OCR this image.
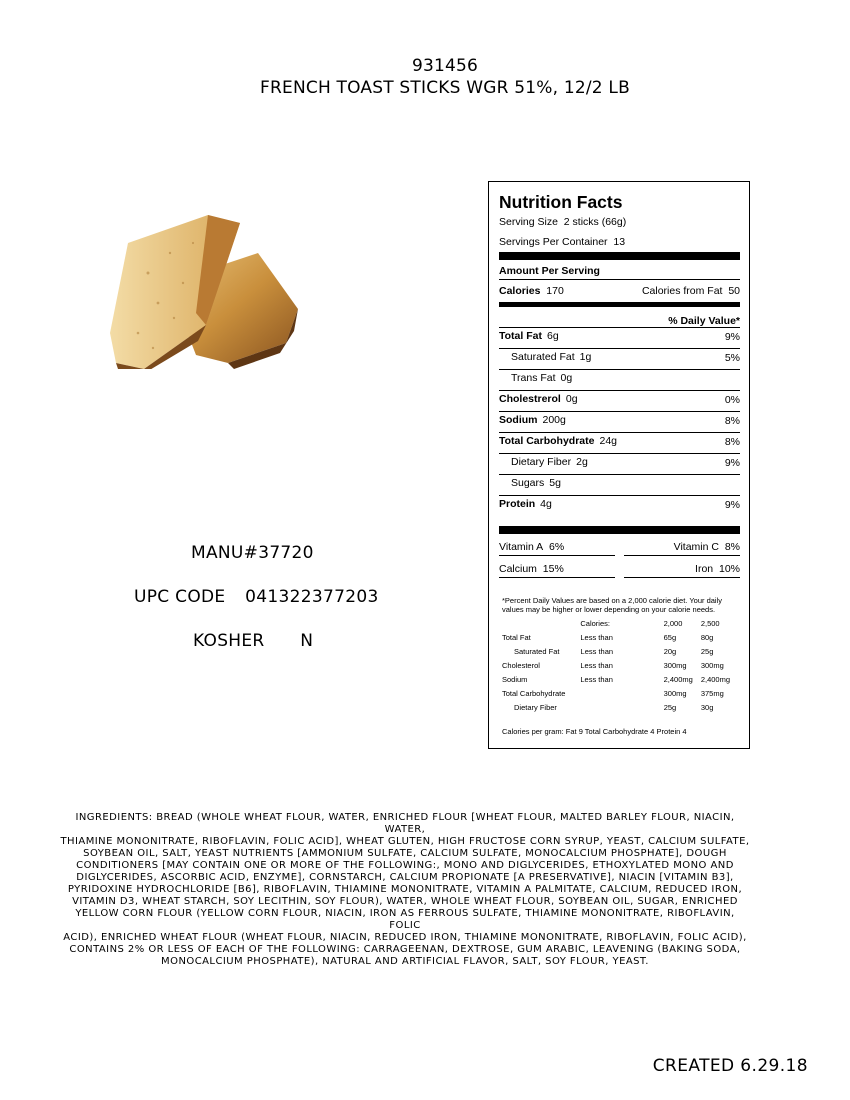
931456
FRENCH TOAST STICKS WGR 51%, 12/2 LB
MANU#37720
UPC CODE 041322377203
KOSHER N
Nutrition Facts
Serving Size 2 sticks (66g)
Servings Per Container 13
Amount Per Serving
Calories 170	Calories from Fat 50
% Daily Value*
Total Fat 6g	9%
Saturated Fat 1g	5%
Trans Fat 0g
Cholestrerol 0g	0%
Sodium 200g	8%
Total Carbohydrate 24g	8%
Dietary Fiber 2g	9%
Sugars 5g
Protein 4g	9%
Vitamin A 6%	Vitamin C 8%
Calcium 15%	Iron 10%
*Percent Daily Values are based on a 2,000 calorie diet. Your daily values may be higher or lower depending on your calorie needs.
Calories:	2,000	2,500
Total Fat	Less than	65g	80g
Saturated Fat	Less than	20g	25g
Cholesterol	Less than	300mg	300mg
Sodium	Less than	2,400mg	2,400mg
Total Carbohydrate	300mg	375mg
Dietary Fiber	25g	30g
Calories per gram: Fat 9 Total Carbohydrate 4 Protein 4
INGREDIENTS: BREAD (WHOLE WHEAT FLOUR, WATER, ENRICHED FLOUR [WHEAT FLOUR, MALTED BARLEY FLOUR, NIACIN,
WATER,
THIAMINE MONONITRATE, RIBOFLAVIN, FOLIC ACID], WHEAT GLUTEN, HIGH FRUCTOSE CORN SYRUP, YEAST, CALCIUM SULFATE,
SOYBEAN OIL, SALT, YEAST NUTRIENTS [AMMONIUM SULFATE, CALCIUM SULFATE, MONOCALCIUM PHOSPHATE], DOUGH
CONDITIONERS [MAY CONTAIN ONE OR MORE OF THE FOLLOWING:, MONO AND DIGLYCERIDES, ETHOXYLATED MONO AND
DIGLYCERIDES, ASCORBIC ACID, ENZYME], CORNSTARCH, CALCIUM PROPIONATE [A PRESERVATIVE], NIACIN [VITAMIN B3],
PYRIDOXINE HYDROCHLORIDE [B6], RIBOFLAVIN, THIAMINE MONONITRATE, VITAMIN A PALMITATE, CALCIUM, REDUCED IRON,
VITAMIN D3, WHEAT STARCH, SOY LECITHIN, SOY FLOUR), WATER, WHOLE WHEAT FLOUR, SOYBEAN OIL, SUGAR, ENRICHED
YELLOW CORN FLOUR (YELLOW CORN FLOUR, NIACIN, IRON AS FERROUS SULFATE, THIAMINE MONONITRATE, RIBOFLAVIN,
FOLIC
ACID), ENRICHED WHEAT FLOUR (WHEAT FLOUR, NIACIN, REDUCED IRON, THIAMINE MONONITRATE, RIBOFLAVIN, FOLIC ACID),
CONTAINS 2% OR LESS OF EACH OF THE FOLLOWING: CARRAGEENAN, DEXTROSE, GUM ARABIC, LEAVENING (BAKING SODA,
MONOCALCIUM PHOSPHATE), NATURAL AND ARTIFICIAL FLAVOR, SALT, SOY FLOUR, YEAST.
CREATED 6.29.18
